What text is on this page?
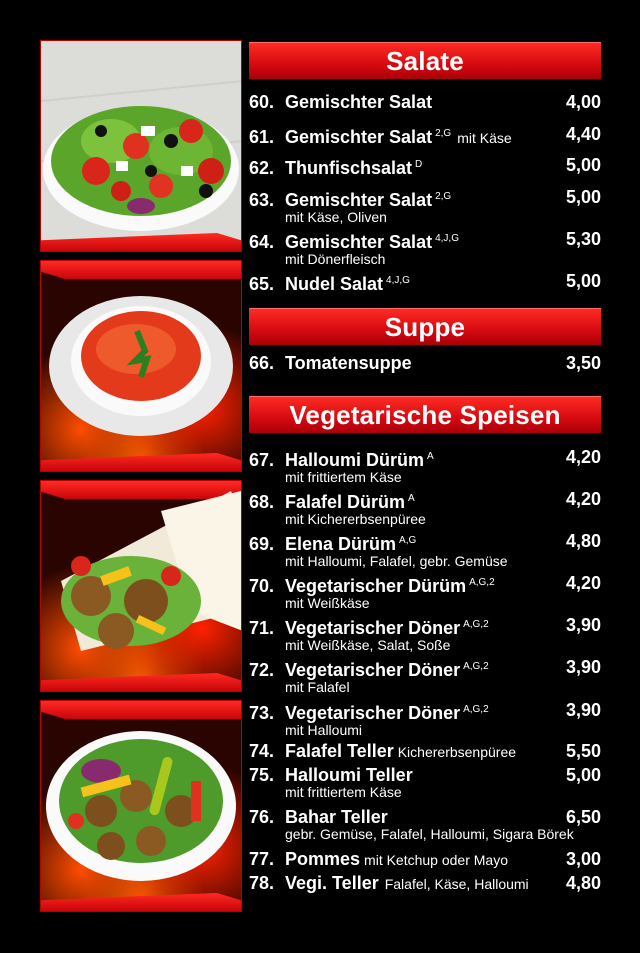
Salate
60. Gemischter Salat	4,00
61. Gemischter Salat $^{2,G}$ mit Käse	4,40
62. Thunfischsalat $^D$	5,00
63. Gemischter Salat $^{2,G}$	5,00
mit Käse, Oliven
64. Gemischter Salat $^{4,J,G}$	5,30
mit Dönerfleisch
65. Nudel Salat $^{4,J,G}$	5,00
Suppe
66. Tomatensuppe	3,50
Vegetarische Speisen
67. Halloumi Dürüm $^A$	4,20
mit frittiertem Käse
68. Falafel Dürüm $^A$	4,20
mit Kichererbsenpüree
69. Elena Dürüm $^{A,G}$	4,80
mit Halloumi, Falafel, gebr. Gemüse
70. Vegetarischer Dürüm $^{A,G,2}$	4,20
mit Weißkäse
71. Vegetarischer Döner $^{A,G,2}$	3,90
mit Weißkäse, Salat, Soße
72. Vegetarischer Döner $^{A,G,2}$	3,90
mit Falafel
73. Vegetarischer Döner $^{A,G,2}$	3,90
mit Halloumi
74. Falafel Teller Kichererbsenpüree	5,50
75. Halloumi Teller	5,00
mit frittiertem Käse
76. Bahar Teller	6,50
gebr. Gemüse, Falafel, Halloumi, Sigara Börek
77. Pommes mit Ketchup oder Mayo	3,00
78. Vegi. Teller Falafel, Käse, Halloumi 4,80
